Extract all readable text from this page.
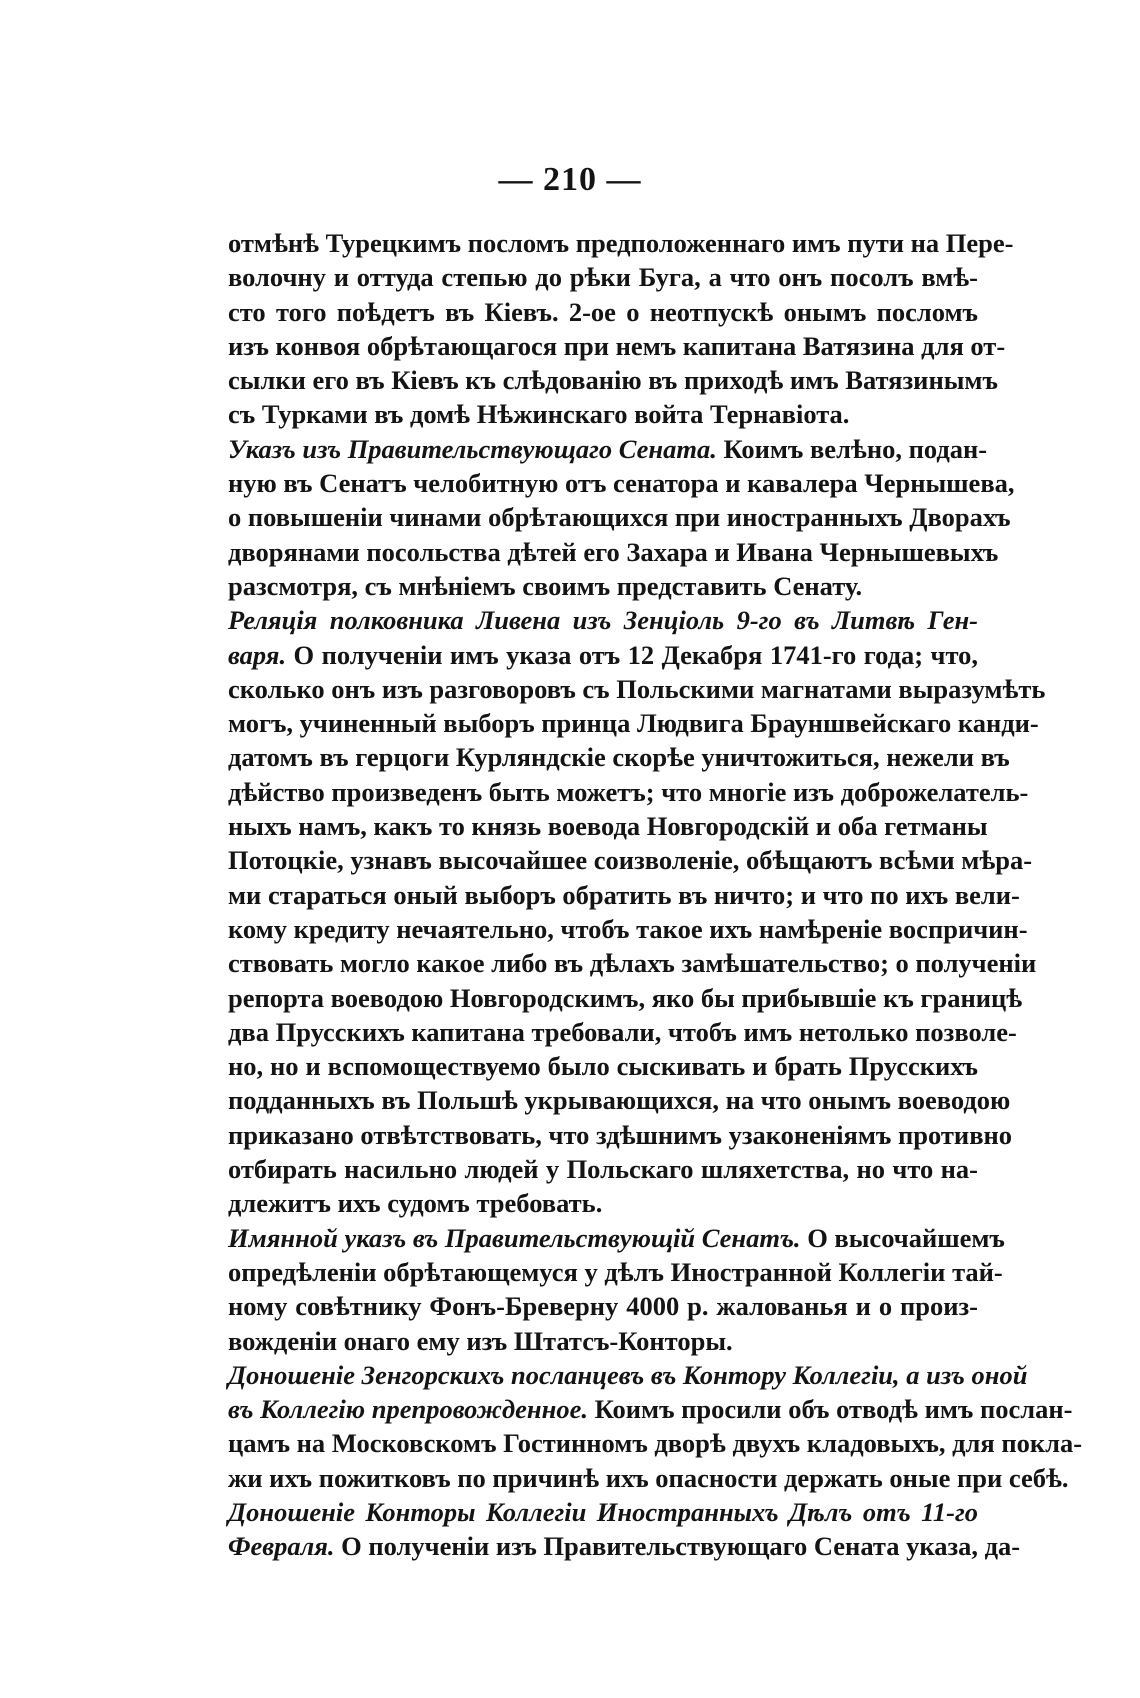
— 210 —
отмѣнѣ Турецкимъ посломъ предположеннаго имъ пути на Пере-
волочну и оттуда степью до рѣки Буга, а что онъ посолъ вмѣ-
сто того поѣдетъ въ Кіевъ. 2-ое о неотпускѣ онымъ посломъ
изъ конвоя обрѣтающагося при немъ капитана Ватязина для от-
сылки его въ Кіевъ къ слѣдованію въ приходѣ имъ Ватязинымъ
съ Турками въ домѣ Нѣжинскаго войта Тернавіота.
Указъ изъ Правительствующаго Сената. Коимъ велѣно, подан-
ную въ Сенатъ челобитную отъ сенатора и кавалера Чернышева,
о повышеніи чинами обрѣтающихся при иностранныхъ Дворахъ
дворянами посольства дѣтей его Захара и Ивана Чернышевыхъ
разсмотря, съ мнѣніемъ своимъ представить Сенату.
Реляція полковника Ливена изъ Зенціоль 9-го въ Литвѣ Ген-
варя. О полученіи имъ указа отъ 12 Декабря 1741-го года; что,
сколько онъ изъ разговоровъ съ Польскими магнатами выразумѣть
могъ, учиненный выборъ принца Людвига Брауншвейскаго канди-
датомъ въ герцоги Курляндскіе скорѣе уничтожиться, нежели въ
дѣйство произведенъ быть можетъ; что многіе изъ доброжелатель-
ныхъ намъ, какъ то князь воевода Новгородскій и оба гетманы
Потоцкіе, узнавъ высочайшее соизволеніе, обѣщаютъ всѣми мѣра-
ми стараться оный выборъ обратить въ ничто; и что по ихъ вели-
кому кредиту нечаятельно, чтобъ такое ихъ намѣреніе воспричин-
ствовать могло какое либо въ дѣлахъ замѣшательство; о полученіи
репорта воеводою Новгородскимъ, яко бы прибывшіе къ границѣ
два Прусскихъ капитана требовали, чтобъ имъ нетолько позволе-
но, но и вспомоществуемо было сыскивать и брать Прусскихъ
подданныхъ въ Польшѣ укрывающихся, на что онымъ воеводою
приказано отвѣтствовать, что здѣшнимъ узаконеніямъ противно
отбирать насильно людей у Польскаго шляхетства, но что на-
длежитъ ихъ судомъ требовать.
Имянной указъ въ Правительствующій Сенатъ. О высочайшемъ
опредѣленіи обрѣтающемуся у дѣлъ Иностранной Коллегіи тай-
ному совѣтнику Фонъ-Бреверну 4000 р. жалованья и о произ-
вожденіи онаго ему изъ Штатсъ-Конторы.
Доношеніе Зенгорскихъ посланцевъ въ Контору Коллегіи, а изъ оной
въ Коллегію препровожденное. Коимъ просили объ отводѣ имъ послан-
цамъ на Московскомъ Гостинномъ дворѣ двухъ кладовыхъ, для покла-
жи ихъ пожитковъ по причинѣ ихъ опасности держать оные при себѣ.
Доношеніе Конторы Коллегіи Иностранныхъ Дѣлъ отъ 11-го
Февраля. О полученіи изъ Правительствующаго Сената указа, да-
